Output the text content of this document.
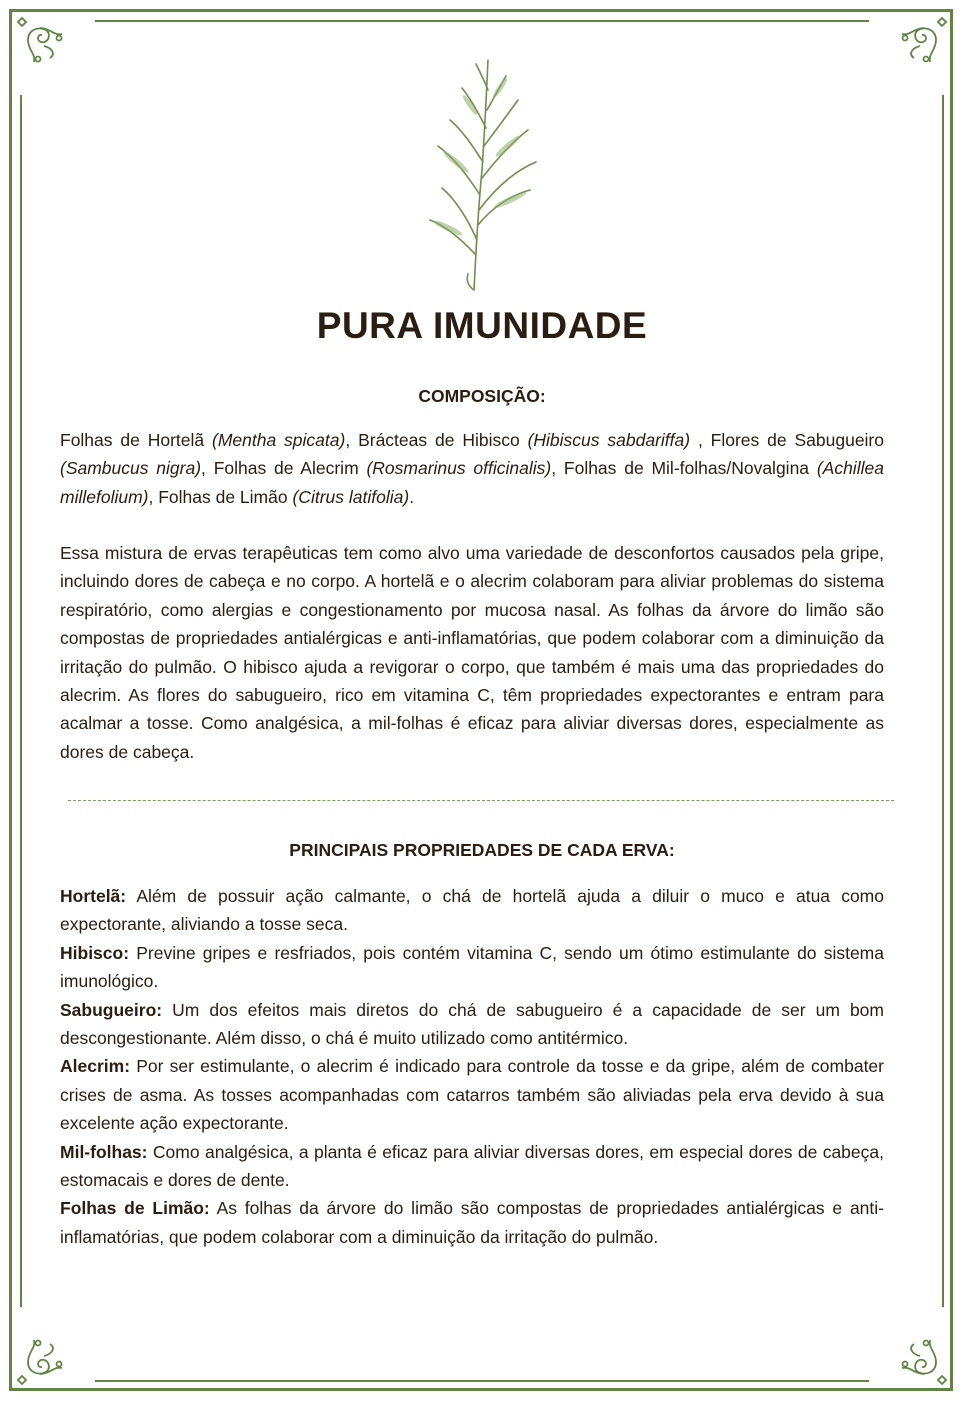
PURA IMUNIDADE
COMPOSIÇÃO:

Folhas de Hortelã (Mentha spicata), Brácteas de Hibisco (Hibiscus sabdariffa) , Flores de Sabugueiro (Sambucus nigra), Folhas de Alecrim (Rosmarinus officinalis), Folhas de Mil-folhas/Novalgina (Achillea millefolium), Folhas de Limão (Citrus latifolia).

Essa mistura de ervas terapêuticas tem como alvo uma variedade de desconfortos causados pela gripe, incluindo dores de cabeça e no corpo. A hortelã e o alecrim colaboram para aliviar problemas do sistema respiratório, como alergias e congestionamento por mucosa nasal. As folhas da árvore do limão são compostas de propriedades antialérgicas e anti-inflamatórias, que podem colaborar com a diminuição da irritação do pulmão. O hibisco ajuda a revigorar o corpo, que também é mais uma das propriedades do alecrim. As flores do sabugueiro, rico em vitamina C, têm propriedades expectorantes e entram para acalmar a tosse. Como analgésica, a mil-folhas é eficaz para aliviar diversas dores, especialmente as dores de cabeça.

PRINCIPAIS PROPRIEDADES DE CADA ERVA:

Hortelã: Além de possuir ação calmante, o chá de hortelã ajuda a diluir o muco e atua como expectorante, aliviando a tosse seca.

Hibisco: Previne gripes e resfriados, pois contém vitamina C, sendo um ótimo estimulante do sistema imunológico.

Sabugueiro: Um dos efeitos mais diretos do chá de sabugueiro é a capacidade de ser um bom descongestionante. Além disso, o chá é muito utilizado como antitérmico.

Alecrim: Por ser estimulante, o alecrim é indicado para controle da tosse e da gripe, além de combater crises de asma. As tosses acompanhadas com catarros também são aliviadas pela erva devido à sua excelente ação expectorante.

Mil-folhas: Como analgésica, a planta é eficaz para aliviar diversas dores, em especial dores de cabeça, estomacais e dores de dente.

Folhas de Limão: As folhas da árvore do limão são compostas de propriedades antialérgicas e anti-inflamatórias, que podem colaborar com a diminuição da irritação do pulmão.
